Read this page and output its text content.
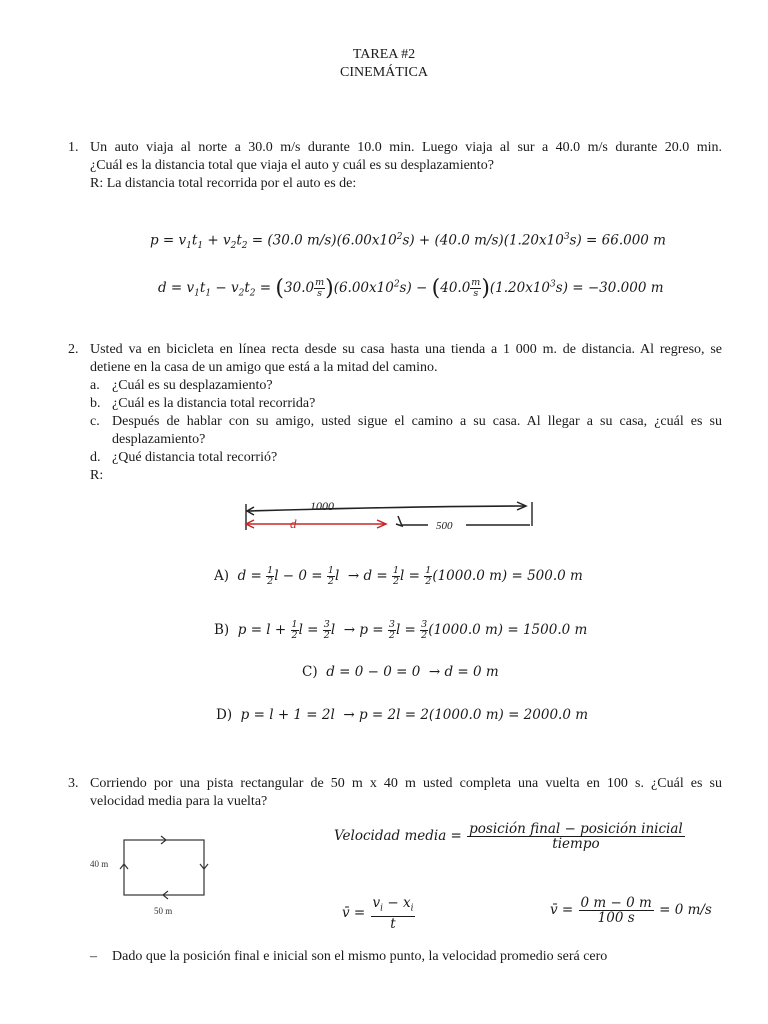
TAREA #2
CINEMÁTICA
1. Un auto viaja al norte a 30.0 m/s durante 10.0 min. Luego viaja al sur a 40.0 m/s durante 20.0 min.
¿Cuál es la distancia total que viaja el auto y cuál es su desplazamiento?
R: La distancia total recorrida por el auto es de:
$p = v_1t_1 + v_2t_2 = (30.0$ $m/s)(6.00x10^2s) + (40.0$ $m/s)(1.20x10^3s) = 66.000$ m
$d = v_1t_1 - v_2t_2 = (30.0 \frac{m}{s} )(6.00x10^2s) - (40.0 \frac{m}{s} )(1.20x10^3s) = -30.000$ m
2. Usted va en bicicleta en línea recta desde su casa hasta una tienda a 1 000 m. de distancia. Al regreso, se
detiene en la casa de un amigo que está a la mitad del camino.
a. ¿Cuál es su desplazamiento?
b. ¿Cuál es la distancia total recorrida?
c. Después de hablar con su amigo, usted sigue el camino a su casa. Al llegar a su casa, ¿cuál es su
desplazamiento?
d. ¿Qué distancia total recorrió?
R:
1000
d	500
A)  $d = \frac{1}{2}$ $l - 0 = \frac{1}{2}$ $l \to d = \frac{1}{2}$ $l = \frac{1}{2} (1000.0$ m) = 500.0 m
B)  $p = l + \frac{1}{2}$ $l = \frac{3}{2}$ $l \to p = \frac{3}{2}$ $l = \frac{3}{2} (1000.0$ m) = 1500.0 m
C)  d = 0 − 0 = 0  → d = 0 m
D)  p = l + 1 = 2l  → p = 2l = 2(1000.0 m) = 2000.0 m
3. Corriendo por una pista rectangular de 50 m x 40 m usted completa una vuelta en 100 s. ¿Cuál es su
velocidad media para la vuelta?
40 m
50 m
Velocidad media = $\frac{\text{posición final − posición inicial}}{\text{tiempo}}$
v̄ = $\frac{v_i - x_i}{t}$	v̄ = $\frac{0 m - 0 m}{100 s} = 0$ m/s
– Dado que la posición final e inicial son el mismo punto, la velocidad promedio será cero
